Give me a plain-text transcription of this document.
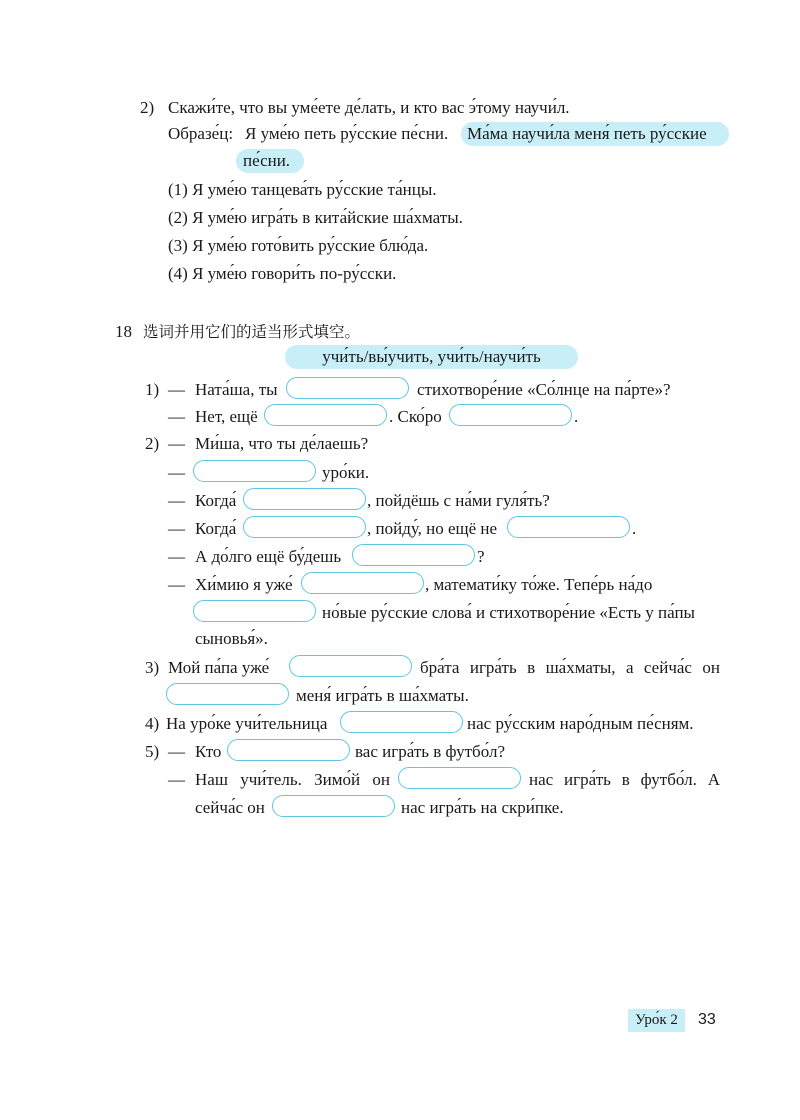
2) Скажи́те, что вы уме́ете де́лать, и кто вас э́тому научи́л.
Образе́ц: Я уме́ю петь ру́сские пе́сни. Ма́ма научи́ла меня́ петь ру́сские
пе́сни.
(1) Я уме́ю танцева́ть ру́сские та́нцы.
(2) Я уме́ю игра́ть в кита́йские ша́хматы.
(3) Я уме́ю гото́вить ру́сские блю́да.
(4) Я уме́ю говори́ть по-ру́сски.
18 选词并用它们的适当形式填空。
учи́ть/вы́учить, учи́ть/научи́ть
1) — Ната́ша, ты	стихотворе́ние «Со́лнце на па́рте»?
— Нет, ещё	. Ско́ро	.
2) — Ми́ша, что ты де́лаешь?
—	уро́ки.
— Когда́	, пойдёшь с на́ми гуля́ть?
— Когда́	, пойду́, но ещё не	.
— А до́лго ещё бу́дешь	?
— Хи́мию я уже́	, математи́ку то́же. Тепе́рь на́до
но́вые ру́сские слова́ и стихотворе́ние «Есть у па́пы
сыновья́».
3) Мой па́па уже́	бра́та игра́ть в ша́хматы, а сейча́с он
меня́ игра́ть в ша́хматы.
4) На уро́ке учи́тельница	нас ру́сским наро́дным пе́сням.
5) — Кто	вас игра́ть в футбо́л?
— Наш учи́тель. Зимо́й он	нас игра́ть в футбо́л. А
сейча́с он	нас игра́ть на скри́пке.
Уро́к 2	33
